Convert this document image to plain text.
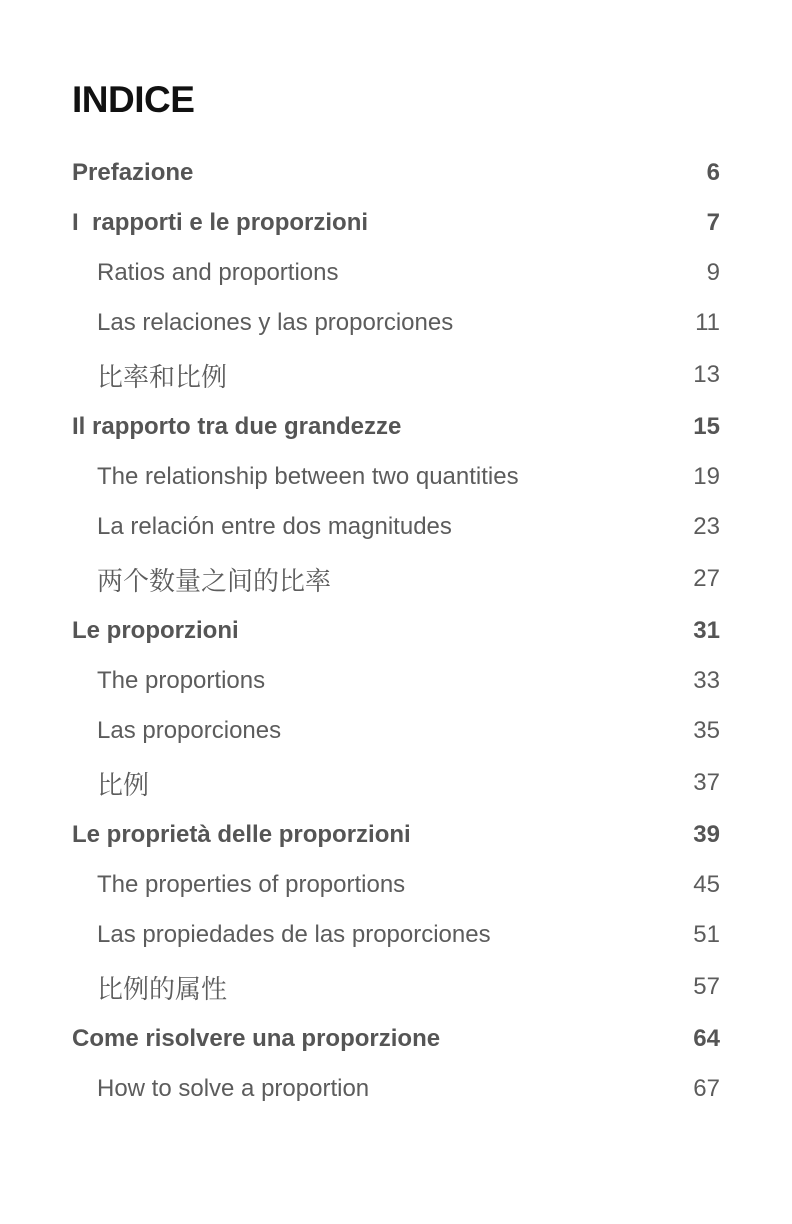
INDICE
Prefazione	6
I  rapporti e le proporzioni	7
Ratios and proportions	9
Las relaciones y las proporciones	11
比率和比例	13
Il rapporto tra due grandezze	15
The relationship between two quantities	19
La relación entre dos magnitudes	23
两个数量之间的比率	27
Le proporzioni	31
The proportions	33
Las proporciones	35
比例	37
Le proprietà delle proporzioni	39
The properties of proportions	45
Las propiedades de las proporciones	51
比例的属性	57
Come risolvere una proporzione	64
How to solve a proportion	67
